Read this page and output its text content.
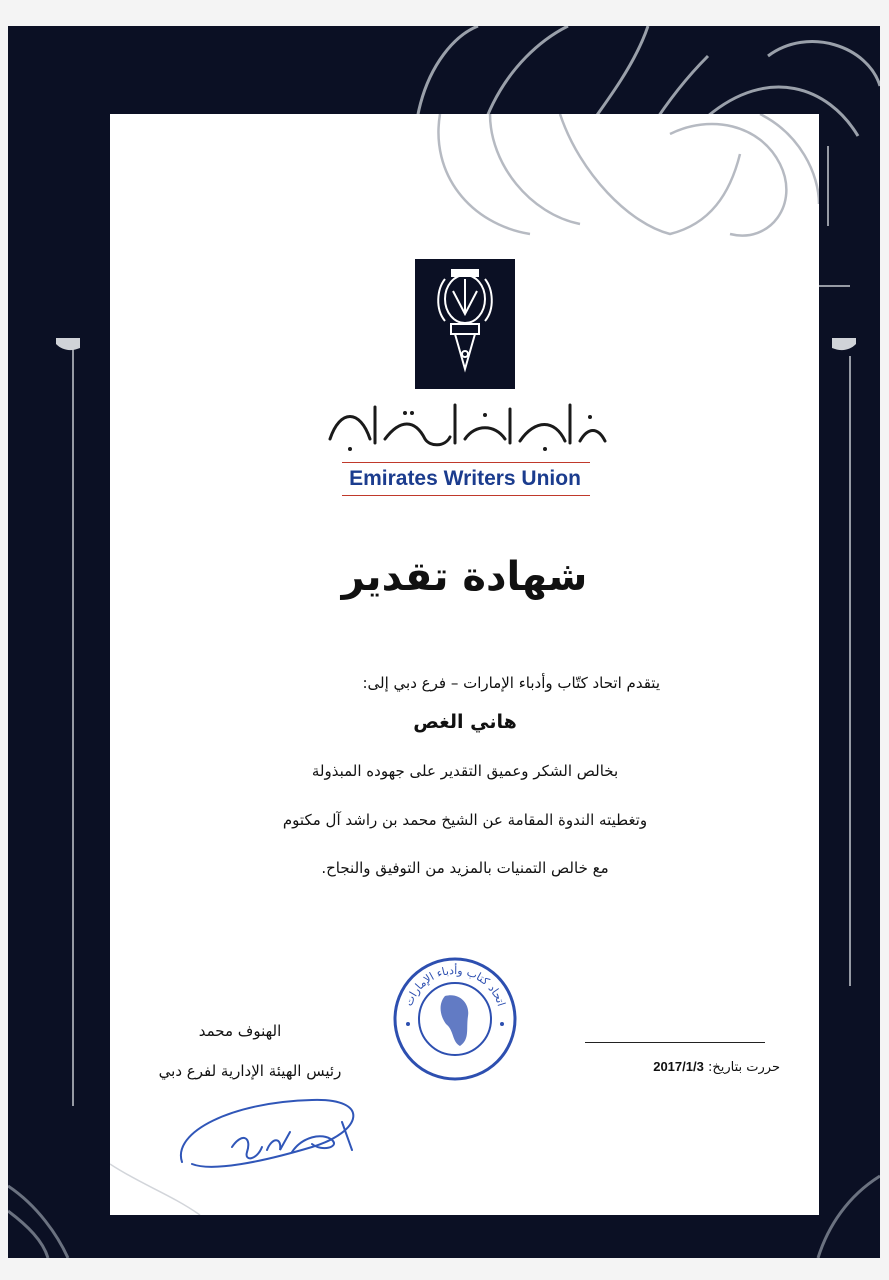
EWU
Emirates Writers Union
شهادة تقدير
يتقدم اتحاد كتّاب وأدباء الإمارات – فرع دبي إلى:
هاني الغص
بخالص الشكر وعميق التقدير على جهوده المبذولة
وتغطيته الندوة المقامة عن الشيخ محمد بن راشد آل مكتوم
مع خالص التمنيات بالمزيد من التوفيق والنجاح.
اتحاد كتاب وأدباء الإمارات
الهنوف محمد
رئيس الهيئة الإدارية لفرع دبي	حررت بتاريخ: 2017/1/3
